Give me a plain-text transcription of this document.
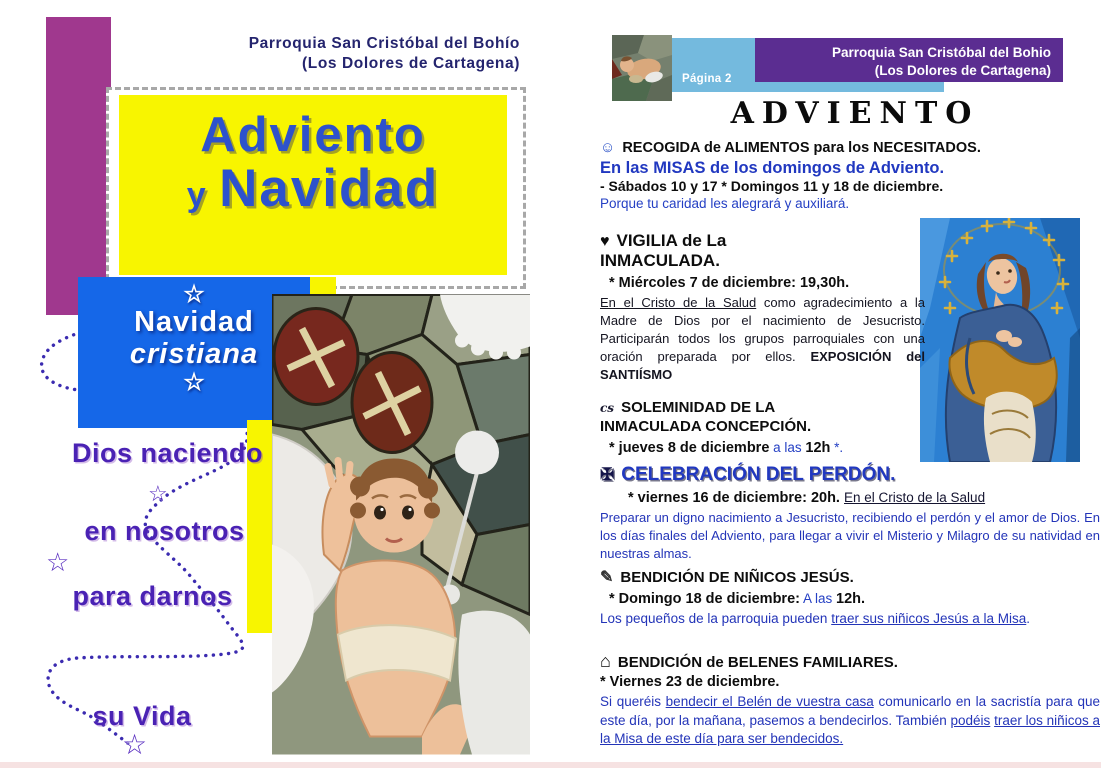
Parroquia San Cristóbal del Bohío
(Los Dolores de Cartagena)
Adviento
y Navidad
☆
Navidad
cristiana
☆
Dios naciendo
en nosotros
para darnos
su Vida
☆
☆
☆
Página 2
Parroquia San Cristóbal del Bohio
(Los Dolores de Cartagena)
ADVIENTO
☺ RECOGIDA de ALIMENTOS para los NECESITADOS.
En las MISAS de los domingos de Adviento.
- Sábados 10 y 17 * Domingos 11 y 18 de diciembre.
Porque tu caridad les alegrará y auxiliará.
♥ VIGILIA de La
INMACULADA.
* Miércoles 7 de diciembre: 19,30h.
En el Cristo de la Salud como agradecimiento a la Madre de Dios por el nacimiento de Jesucristo. Participarán todos los grupos parroquiales con una oración preparada por ellos. EXPOSICIÓN del SANTIÍSMO
cs SOLEMINIDAD DE LA
INMACULADA CONCEPCIÓN.
* jueves 8 de diciembre a las 12h *.
✠ CELEBRACIÓN DEL PERDÓN.
* viernes 16 de diciembre: 20h. En el Cristo de la Salud
Preparar un digno nacimiento a Jesucristo, recibiendo el perdón y el amor de Dios. En los días finales del Adviento, para llegar a vivir el Misterio y Milagro de su natividad en nuestras almas.
✎ BENDICIÓN DE NIÑICOS JESÚS.
* Domingo 18 de diciembre: A las 12h.
Los pequeños de la parroquia pueden traer sus niñicos Jesús a la Misa.
⌂ BENDICIÓN de BELENES FAMILIARES.
* Viernes 23 de diciembre.
Si queréis bendecir el Belén de vuestra casa comunicarlo en la sacristía para que este día, por la mañana, pasemos a bendecirlos. También podéis traer los niñicos a la Misa de este día para ser bendecidos.
